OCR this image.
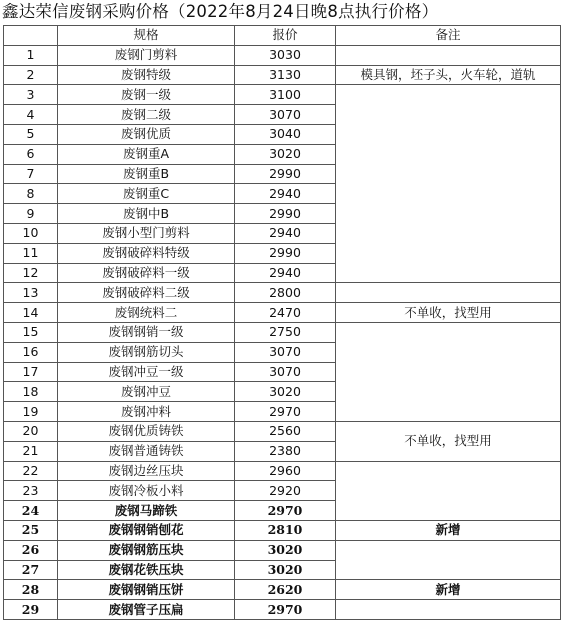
鑫达荣信废钢采购价格（2022年8月24日晚8点执行价格）
	规格	报价	备注
1	废钢门剪料	3030	
2	废钢特级	3130	模具钢，坯子头，火车轮，道轨
3	废钢一级	3100	
4	废钢二级	3070	
5	废钢优质	3040	
6	废钢重A	3020	
7	废钢重B	2990	
8	废钢重C	2940	
9	废钢中B	2990	
10	废钢小型门剪料	2940	
11	废钢破碎料特级	2990	
12	废钢破碎料一级	2940	
13	废钢破碎料二级	2800	
14	废钢统料二	2470	不单收，找型用
15	废钢钢销一级	2750	
16	废钢钢筋切头	3070	
17	废钢冲豆一级	3070	
18	废钢冲豆	3020	
19	废钢冲料	2970	
20	废钢优质铸铁	2560	不单收，找型用
21	废钢普通铸铁	2380	
22	废钢边丝压块	2960	
23	废钢冷板小料	2920	
24	废钢马蹄铁	2970	
25	废钢钢销刨花	2810	新增
26	废钢钢筋压块	3020	
27	废钢花铁压块	3020	
28	废钢钢销压饼	2620	新增
29	废钢管子压扁	2970	
